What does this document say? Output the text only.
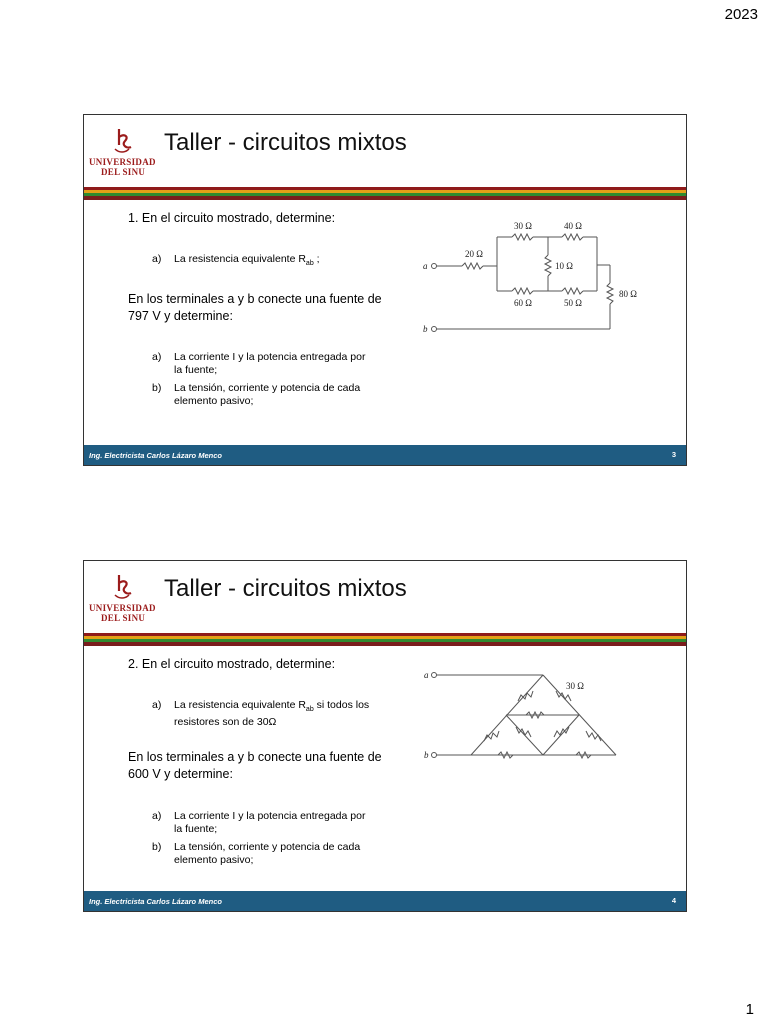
2023
UNIVERSIDAD
DEL SINU
Taller - circuitos mixtos
1. En el circuito mostrado, determine:
a) La resistencia equivalente $R_{ab}$ ;
En los terminales a y b conecte una fuente de 797 V y determine:
a) La corriente I y la potencia entregada por la fuente;
b) La tensión, corriente y potencia de cada elemento pasivo;
30 Ω	40 Ω
20 Ω
10 Ω
60 Ω	50 Ω
80 Ω
a
b
Ing. Electricista Carlos Lázaro Menco	3
UNIVERSIDAD
DEL SINU
Taller - circuitos mixtos
2. En el circuito mostrado, determine:
a) La resistencia equivalente $R_{ab}$ si todos los resistores son de 30Ω
En los terminales a y b conecte una fuente de 600 V y determine:
a) La corriente I y la potencia entregada por la fuente;
b) La tensión, corriente y potencia de cada elemento pasivo;
30 Ω
a
b
Ing. Electricista Carlos Lázaro Menco	4
1
